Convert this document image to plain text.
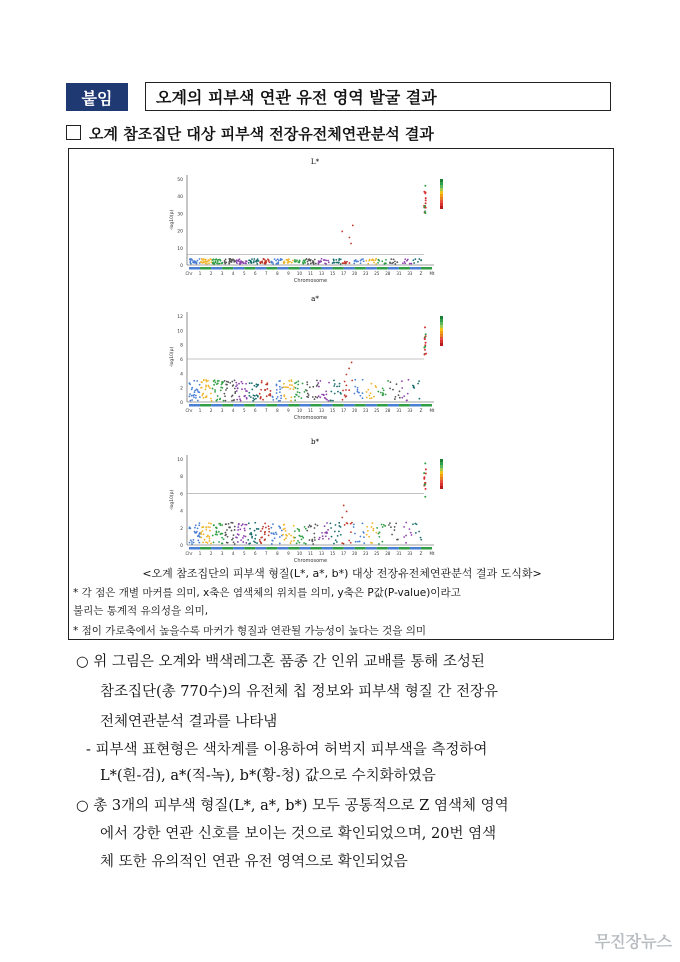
붙임	오계의 피부색 연관 유전 영역 발굴 결과
오계 참조집단 대상 피부색 전장유전체연관분석 결과
L*
0
10
20
30
40
50
-log10(p)
Chr 1 2 3 4 5 6 7 8 9 10 11 13 15 17 20 23 25 28 31 33 Z Mt
Chromosome
a*
0
2
4
6
8
10
12
-log10(p)
Chr 1 2 3 4 5 6 7 8 9 10 11 13 15 17 20 23 25 28 31 33 Z Mt
Chromosome
b*
0
2
4
6
8
10
-log10(p)
Chr 1 2 3 4 5 6 7 8 9 10 11 13 15 17 20 23 25 28 31 33 Z Mt
Chromosome
<오계 참조집단의 피부색 형질(L*, a*, b*) 대상 전장유전체연관분석 결과 도식화>
* 각 점은 개별 마커를 의미, x축은 염색체의 위치를 의미, y축은 P값(P-value)이라고
불리는 통계적 유의성을 의미,
* 점이 가로축에서 높을수록 마커가 형질과 연관될 가능성이 높다는 것을 의미
○ 위 그림은 오계와 백색레그혼 품종 간 인위 교배를 통해 조성된
참조집단(총 770수)의 유전체 칩 정보와 피부색 형질 간 전장유
전체연관분석 결과를 나타냄
- 피부색 표현형은 색차계를 이용하여 허벅지 피부색을 측정하여
L*(흰-검), a*(적-녹), b*(황-청) 값으로 수치화하였음
○ 총 3개의 피부색 형질(L*, a*, b*) 모두 공통적으로 Z 염색체 영역
에서 강한 연관 신호를 보이는 것으로 확인되었으며, 20번 염색
체 또한 유의적인 연관 유전 영역으로 확인되었음
무진장뉴스
